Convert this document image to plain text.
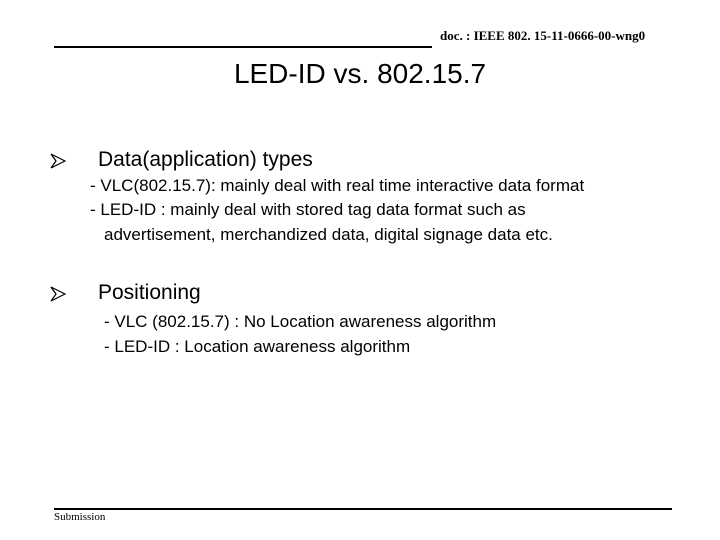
doc. : IEEE 802. 15-11-0666-00-wng0
LED-ID vs. 802.15.7
Data(application) types
- VLC(802.15.7): mainly deal with real time interactive data format
- LED-ID : mainly deal with stored tag data format such as
advertisement, merchandized data, digital signage data etc.
Positioning
- VLC (802.15.7) : No Location awareness algorithm
- LED-ID : Location awareness algorithm
Submission
